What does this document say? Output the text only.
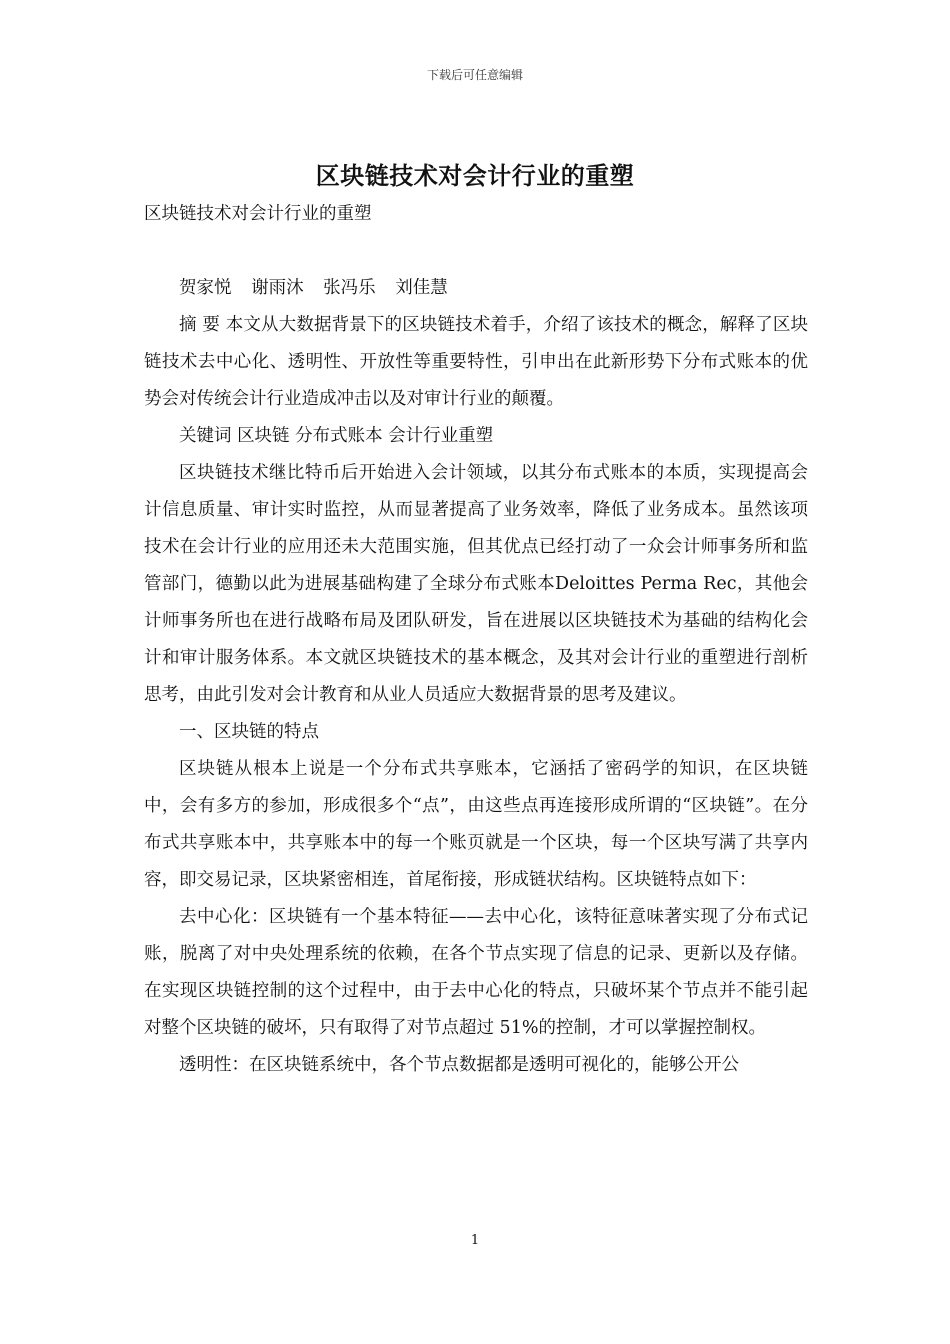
下载后可任意编辑
区块链技术对会计行业的重塑

区块链技术对会计行业的重塑

贺家悦 谢雨沐 张冯乐 刘佳慧

摘 要 本文从大数据背景下的区块链技术着手，介绍了该技术的概念，解释了区块链技术去中心化、透明性、开放性等重要特性，引申出在此新形势下分布式账本的优势会对传统会计行业造成冲击以及对审计行业的颠覆。

关键词 区块链 分布式账本 会计行业重塑

区块链技术继比特币后开始进入会计领域，以其分布式账本的本质，实现提高会计信息质量、审计实时监控，从而显著提高了业务效率，降低了业务成本。虽然该项技术在会计行业的应用还未大范围实施，但其优点已经打动了一众会计师事务所和监管部门，德勤以此为进展基础构建了全球分布式账本Deloittes Perma Rec，其他会计师事务所也在进行战略布局及团队研发，旨在进展以区块链技术为基础的结构化会计和审计服务体系。本文就区块链技术的基本概念，及其对会计行业的重塑进行剖析思考，由此引发对会计教育和从业人员适应大数据背景的思考及建议。

一、区块链的特点

区块链从根本上说是一个分布式共享账本，它涵括了密码学的知识，在区块链中，会有多方的参加，形成很多个“点”，由这些点再连接形成所谓的“区块链”。在分布式共享账本中，共享账本中的每一个账页就是一个区块，每一个区块写满了共享内容，即交易记录，区块紧密相连，首尾衔接，形成链状结构。区块链特点如下：

去中心化：区块链有一个基本特征——去中心化，该特征意味著实现了分布式记账，脱离了对中央处理系统的依赖，在各个节点实现了信息的记录、更新以及存储。在实现区块链控制的这个过程中，由于去中心化的特点，只破坏某个节点并不能引起对整个区块链的破坏，只有取得了对节点超过 51%的控制，才可以掌握控制权。

透明性：在区块链系统中，各个节点数据都是透明可视化的，能够公开公

1
